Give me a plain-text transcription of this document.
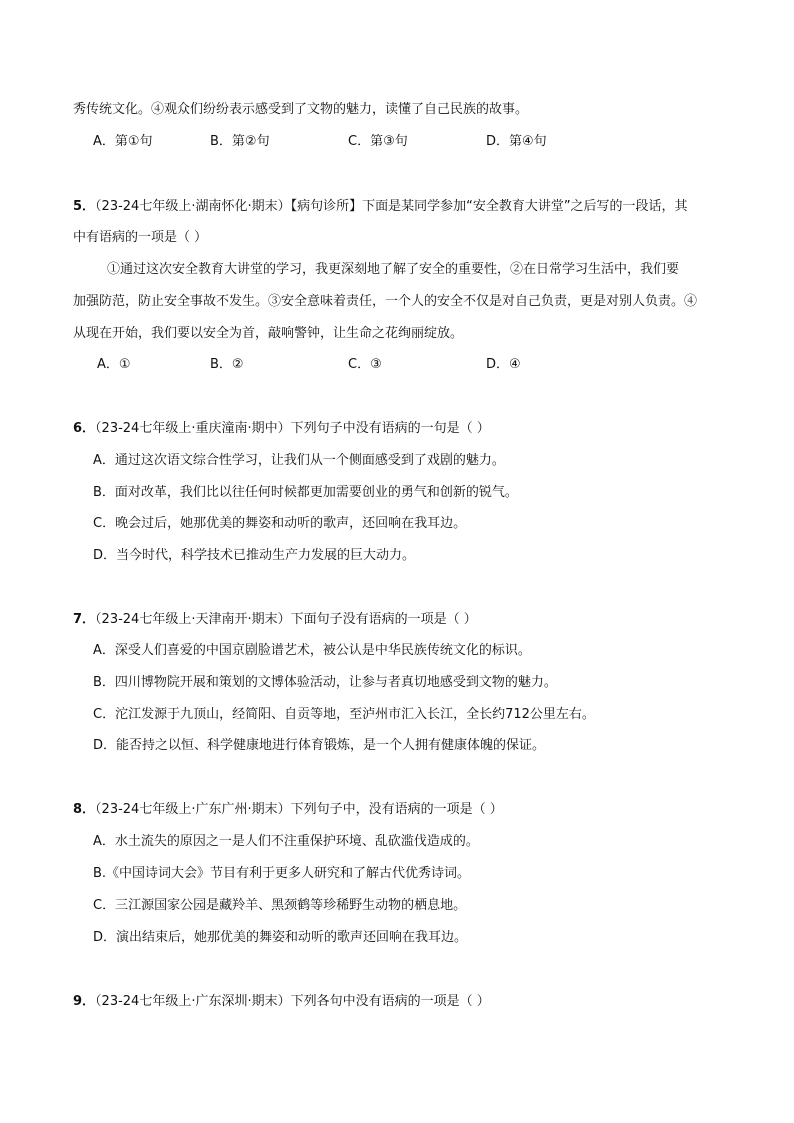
秀传统文化。④观众们纷纷表示感受到了文物的魅力，读懂了自己民族的故事。
A．第①句	B．第②句	C．第③句	D．第④句
5．（23-24七年级上·湖南怀化·期末）【病句诊所】下面是某同学参加“安全教育大讲堂”之后写的一段话，其
中有语病的一项是（ ）
①通过这次安全教育大讲堂的学习，我更深刻地了解了安全的重要性，②在日常学习生活中，我们要
加强防范，防止安全事故不发生。③安全意味着责任，一个人的安全不仅是对自己负责，更是对别人负责。④
从现在开始，我们要以安全为首，敲响警钟，让生命之花绚丽绽放。
A．①	B．②	C．③	D．④
6．（23-24七年级上·重庆潼南·期中）下列句子中没有语病的一句是（ ）
A．通过这次语文综合性学习，让我们从一个侧面感受到了戏剧的魅力。
B．面对改革，我们比以往任何时候都更加需要创业的勇气和创新的锐气。
C．晚会过后，她那优美的舞姿和动听的歌声，还回响在我耳边。
D．当今时代，科学技术已推动生产力发展的巨大动力。
7．（23-24七年级上·天津南开·期末）下面句子没有语病的一项是（ ）
A．深受人们喜爱的中国京剧脸谱艺术，被公认是中华民族传统文化的标识。
B．四川博物院开展和策划的文博体验活动，让参与者真切地感受到文物的魅力。
C．沱江发源于九顶山，经简阳、自贡等地，至泸州市汇入长江，全长约712公里左右。
D．能否持之以恒、科学健康地进行体育锻炼，是一个人拥有健康体魄的保证。
8．（23-24七年级上·广东广州·期末）下列句子中，没有语病的一项是（ ）
A．水土流失的原因之一是人们不注重保护环境、乱砍滥伐造成的。
B.《中国诗词大会》节目有利于更多人研究和了解古代优秀诗词。
C．三江源国家公园是藏羚羊、黑颈鹤等珍稀野生动物的栖息地。
D．演出结束后，她那优美的舞姿和动听的歌声还回响在我耳边。
9．（23-24七年级上·广东深圳·期末）下列各句中没有语病的一项是（ ）
